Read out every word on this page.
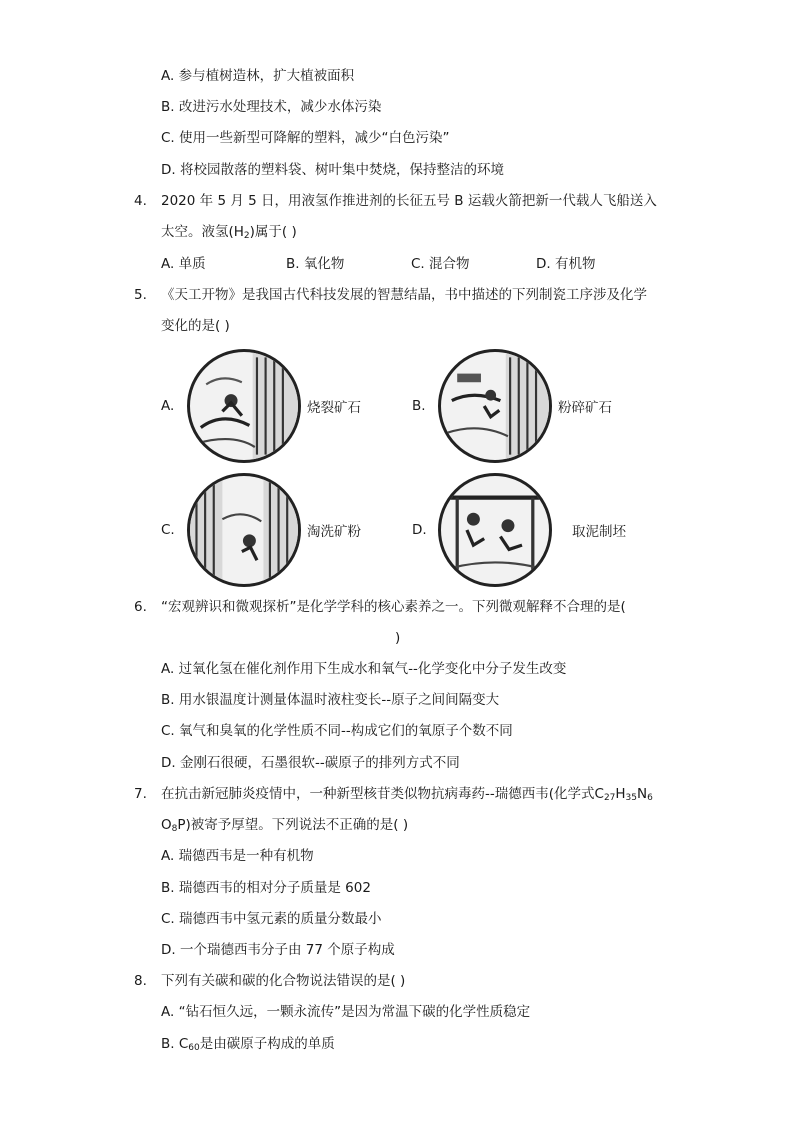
A. 参与植树造林，扩大植被面积
B. 改进污水处理技术，减少水体污染
C. 使用一些新型可降解的塑料，减少“白色污染”
D. 将校园散落的塑料袋、树叶集中焚烧，保持整洁的环境
4. 2020 年 5 月 5 日，用液氢作推进剂的长征五号 B 运载火箭把新一代载人飞船送入
太空。液氢$(H_2)$属于( )
A. 单质	B. 氧化物	C. 混合物	D. 有机物
5. 《天工开物》是我国古代科技发展的智慧结晶，书中描述的下列制瓷工序涉及化学
变化的是( )
A.	烧裂矿石	B.	粉碎矿石
C.	淘洗矿粉	D.	取泥制坯
6. “宏观辨识和微观探析”是化学学科的核心素养之一。下列微观解释不合理的是(
)
A. 过氧化氢在催化剂作用下生成水和氧气--化学变化中分子发生改变
B. 用水银温度计测量体温时液柱变长--原子之间间隔变大
C. 氧气和臭氧的化学性质不同--构成它们的氧原子个数不同
D. 金刚石很硬，石墨很软--碳原子的排列方式不同
7. 在抗击新冠肺炎疫情中，一种新型核苷类似物抗病毒药--瑞德西韦(化学式$C_{27}H_{35}N_6$
$O_8P$)被寄予厚望。下列说法不正确的是( )
A. 瑞德西韦是一种有机物
B. 瑞德西韦的相对分子质量是 602
C. 瑞德西韦中氢元素的质量分数最小
D. 一个瑞德西韦分子由 77 个原子构成
8. 下列有关碳和碳的化合物说法错误的是( )
A. “钻石恒久远，一颗永流传”是因为常温下碳的化学性质稳定
B. $C_{60}$是由碳原子构成的单质
